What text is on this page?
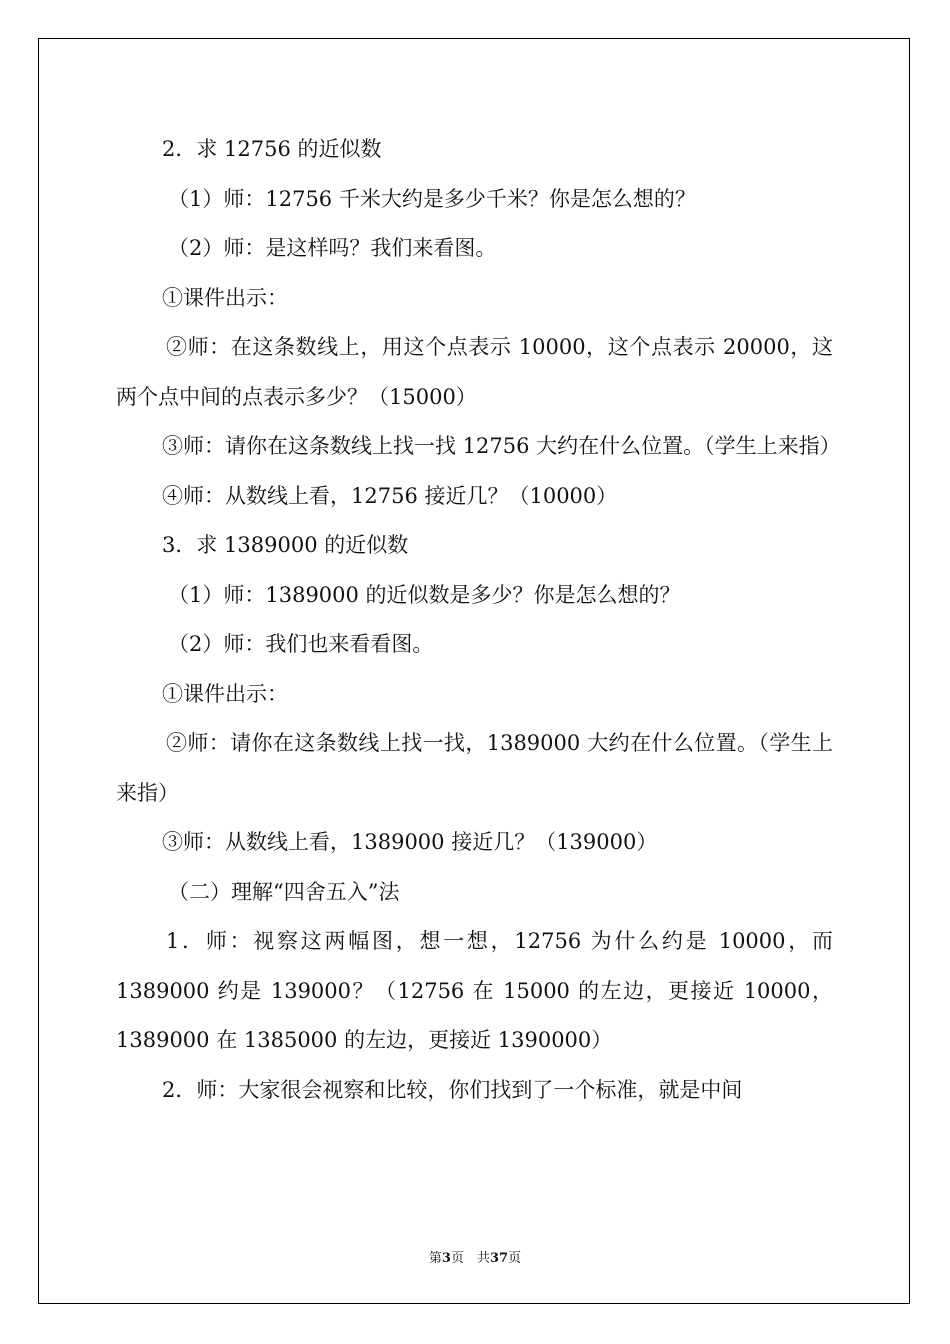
2．求 12756 的近似数

（1）师：12756 千米大约是多少千米？你是怎么想的？

（2）师：是这样吗？我们来看图。

①课件出示：

②师：在这条数线上，用这个点表示 10000，这个点表示 20000，这两个点中间的点表示多少？（15000）

③师：请你在这条数线上找一找 12756 大约在什么位置。（学生上来指）

④师：从数线上看，12756 接近几？（10000）

3．求 1389000 的近似数

（1）师：1389000 的近似数是多少？你是怎么想的？

（2）师：我们也来看看图。

①课件出示：

②师：请你在这条数线上找一找，1389000 大约在什么位置。（学生上来指）

③师：从数线上看，1389000 接近几？（139000）

（二）理解“四舍五入”法

1．师：视察这两幅图，想一想，12756 为什么约是 10000，而 1389000 约是 139000？（12756 在 15000 的左边，更接近 10000，1389000 在 1385000 的左边，更接近 1390000）

2．师：大家很会视察和比较，你们找到了一个标准，就是中间

第3页　共37页
